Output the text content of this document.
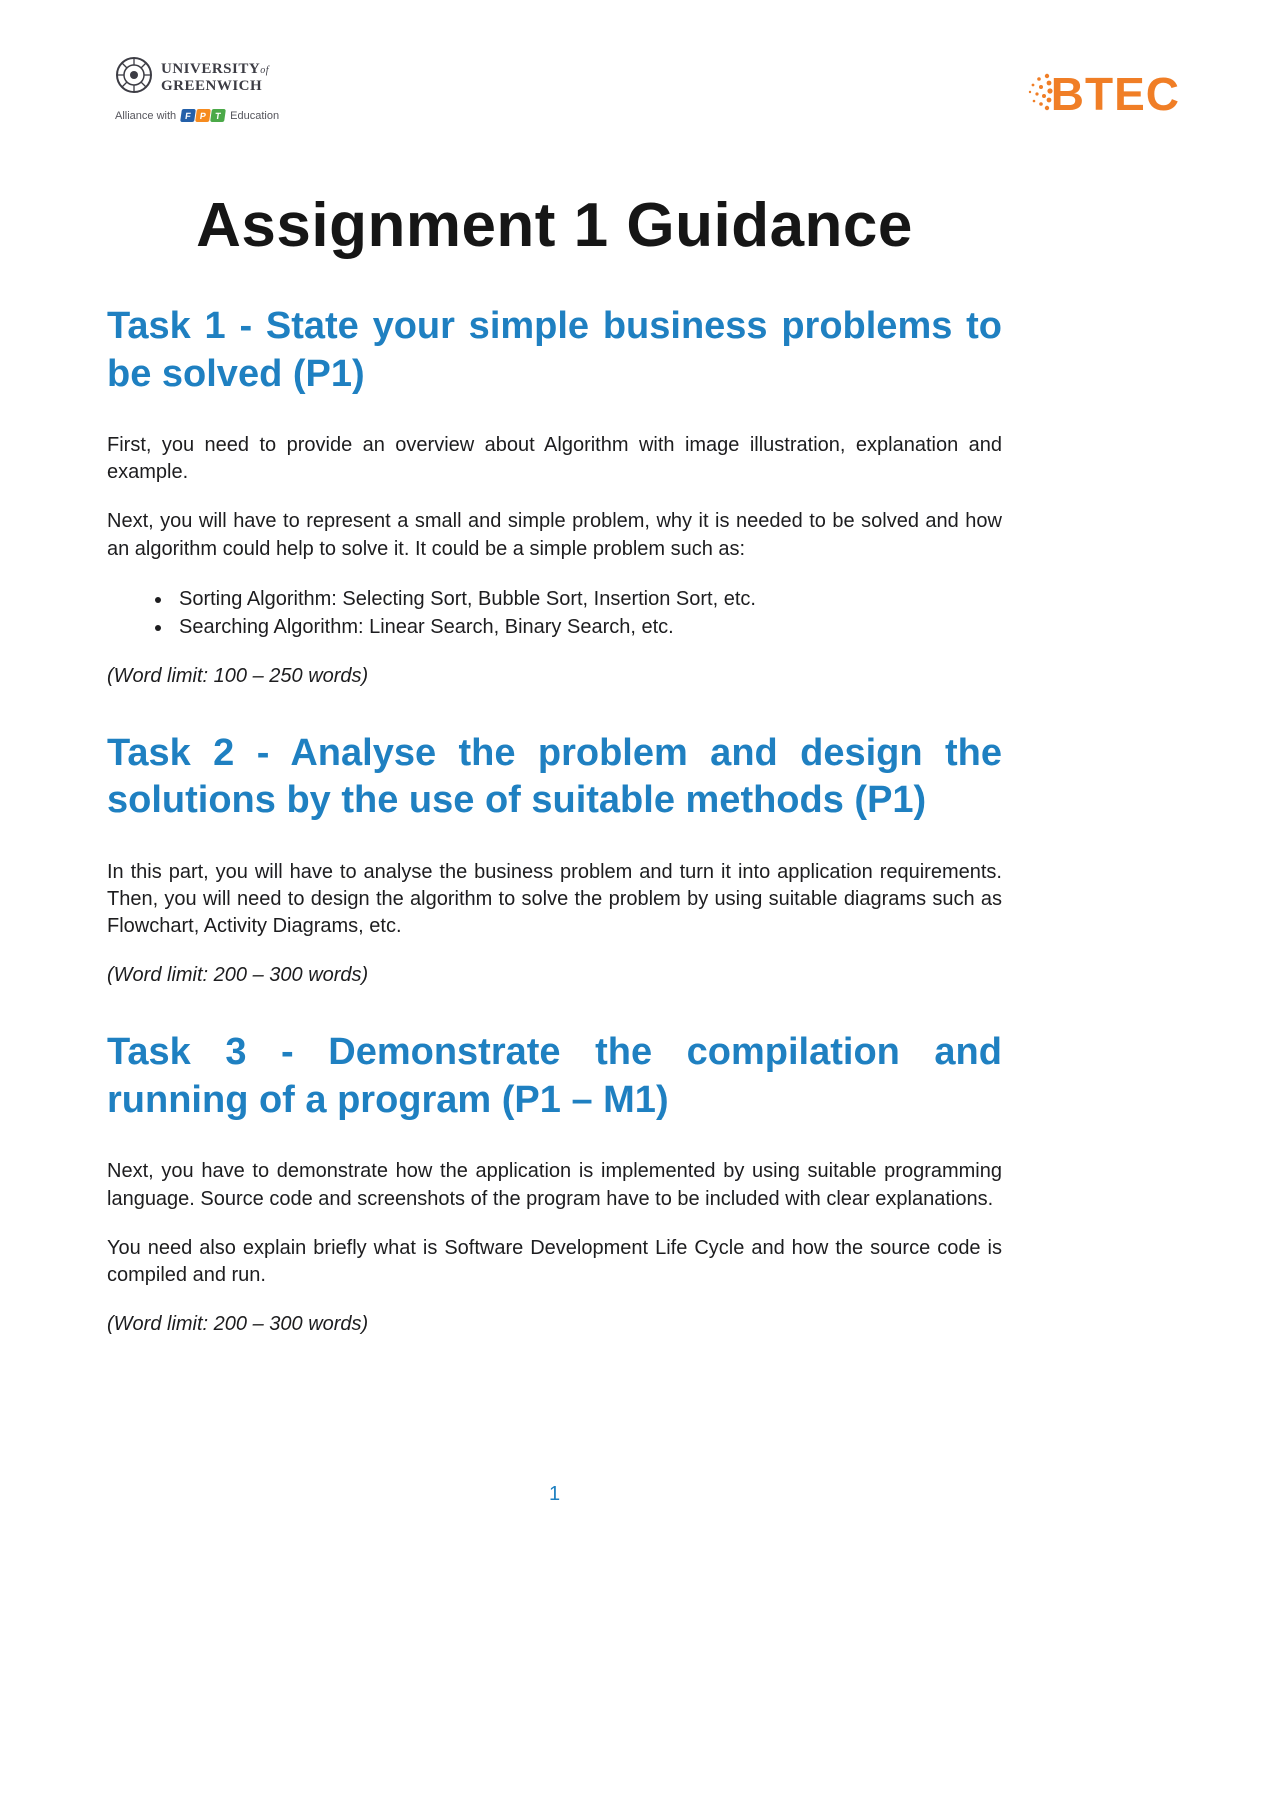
UNIVERSITYof
GREENWICH
Alliance with F P T Education	BTEC
Assignment 1 Guidance
Task 1 - State your simple business problems to be solved (P1)

First, you need to provide an overview about Algorithm with image illustration, explanation and example.

Next, you will have to represent a small and simple problem, why it is needed to be solved and how an algorithm could help to solve it. It could be a simple problem such as:

• Sorting Algorithm: Selecting Sort, Bubble Sort, Insertion Sort, etc.
• Searching Algorithm: Linear Search, Binary Search, etc.

(Word limit: 100 – 250 words)

Task 2 - Analyse the problem and design the solutions by the use of suitable methods (P1)

In this part, you will have to analyse the business problem and turn it into application requirements. Then, you will need to design the algorithm to solve the problem by using suitable diagrams such as Flowchart, Activity Diagrams, etc.

(Word limit: 200 – 300 words)

Task 3 - Demonstrate the compilation and running of a program (P1 – M1)

Next, you have to demonstrate how the application is implemented by using suitable programming language. Source code and screenshots of the program have to be included with clear explanations.

You need also explain briefly what is Software Development Life Cycle and how the source code is compiled and run.

(Word limit: 200 – 300 words)

1
